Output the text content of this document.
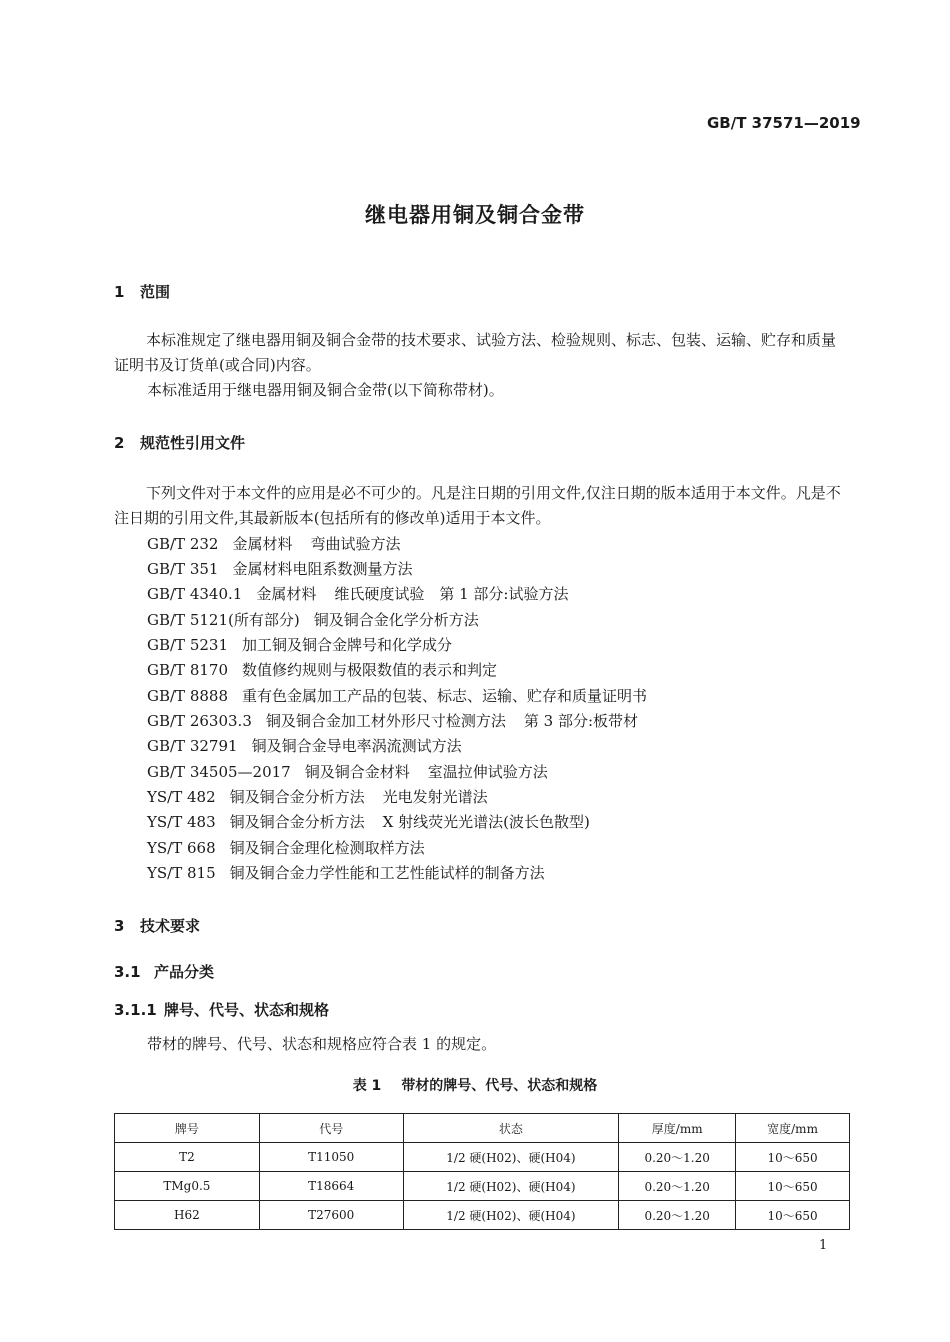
GB/T 37571—2019
继电器用铜及铜合金带
1 范围
本标准规定了继电器用铜及铜合金带的技术要求、试验方法、检验规则、标志、包装、运输、贮存和质量证明书及订货单(或合同)内容。
本标准适用于继电器用铜及铜合金带(以下简称带材)。
2 规范性引用文件
下列文件对于本文件的应用是必不可少的。凡是注日期的引用文件,仅注日期的版本适用于本文件。凡是不注日期的引用文件,其最新版本(包括所有的修改单)适用于本文件。
GB/T 232 金属材料 弯曲试验方法
GB/T 351 金属材料电阻系数测量方法
GB/T 4340.1 金属材料 维氏硬度试验　第 1 部分:试验方法
GB/T 5121(所有部分) 铜及铜合金化学分析方法
GB/T 5231 加工铜及铜合金牌号和化学成分
GB/T 8170 数值修约规则与极限数值的表示和判定
GB/T 8888 重有色金属加工产品的包装、标志、运输、贮存和质量证明书
GB/T 26303.3 铜及铜合金加工材外形尺寸检测方法 第 3 部分:板带材
GB/T 32791 铜及铜合金导电率涡流测试方法
GB/T 34505—2017 铜及铜合金材料 室温拉伸试验方法
YS/T 482 铜及铜合金分析方法 光电发射光谱法
YS/T 483 铜及铜合金分析方法 X 射线荧光光谱法(波长色散型)
YS/T 668 铜及铜合金理化检测取样方法
YS/T 815 铜及铜合金力学性能和工艺性能试样的制备方法
3 技术要求
3.1 产品分类
3.1.1 牌号、代号、状态和规格
带材的牌号、代号、状态和规格应符合表 1 的规定。
表 1 带材的牌号、代号、状态和规格
牌号	代号	状态	厚度/mm	宽度/mm
T2	T11050	1/2 硬(H02)、硬(H04)	0.20～1.20	10～650
TMg0.5	T18664	1/2 硬(H02)、硬(H04)	0.20～1.20	10～650
H62	T27600	1/2 硬(H02)、硬(H04)	0.20～1.20	10～650
1
